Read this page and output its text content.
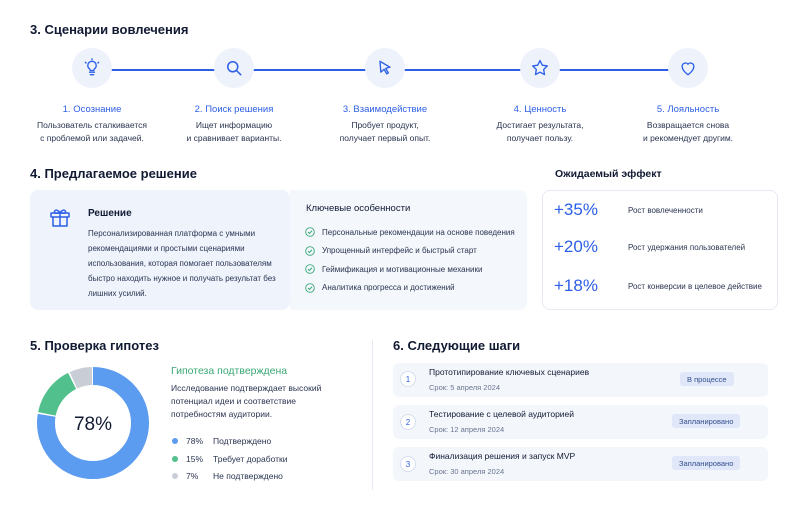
3. Сценарии вовлечения
1. Осознание
Пользователь сталкивается
с проблемой или задачей.
2. Поиск решения
Ищет информацию
и сравнивает варианты.
3. Взаимодействие
Пробует продукт,
получает первый опыт.
4. Ценность
Достигает результата,
получает пользу.
5. Лояльность
Возвращается снова
и рекомендует другим.
4. Предлагаемое решение
Решение
Персонализированная платформа с умными рекомендациями и простыми сценариями использования, которая помогает пользователям быстро находить нужное и получать результат без лишних усилий.
Ключевые особенности
Персональные рекомендации на основе поведения
Упрощенный интерфейс и быстрый старт
Геймификация и мотивационные механики
Аналитика прогресса и достижений
Ожидаемый эффект
+35%	Рост вовлеченности
+20%	Рост удержания пользователей
+18%	Рост конверсии в целевое действие
5. Проверка гипотез
78%
Гипотеза подтверждена
Исследование подтверждает высокий потенциал идеи и соответствие потребностям аудитории.
78%	Подтверждено
15%	Требует доработки
7%	Не подтверждено
6. Следующие шаги
1
Прототипирование ключевых сценариев
Срок: 5 апреля 2024
В процессе
2
Тестирование с целевой аудиторией
Срок: 12 апреля 2024
Запланировано
3
Финализация решения и запуск MVP
Срок: 30 апреля 2024
Запланировано
